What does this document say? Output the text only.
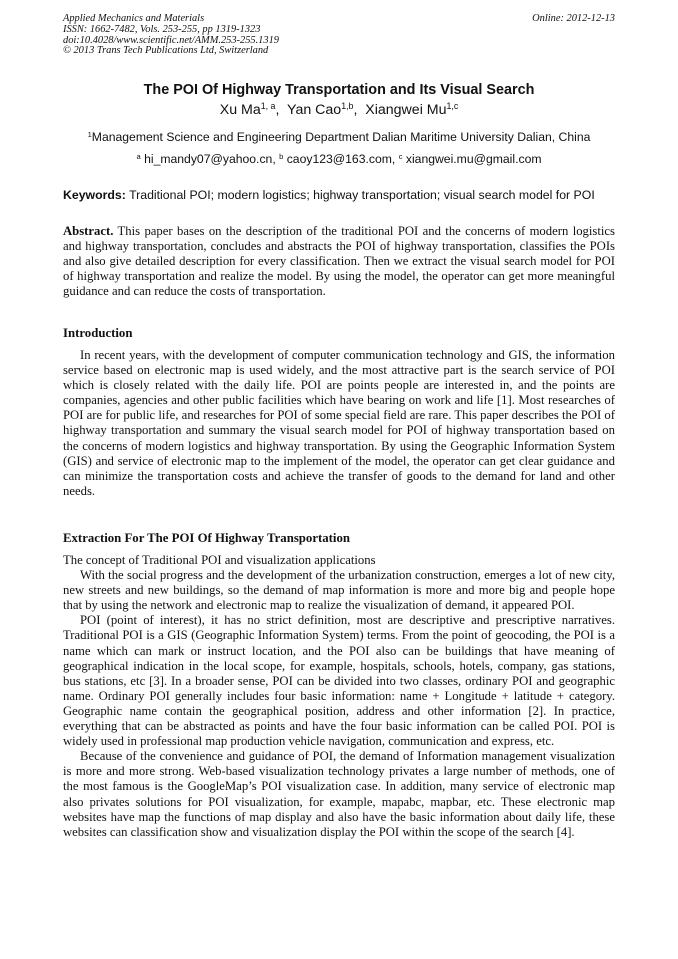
Applied Mechanics and Materials
ISSN: 1662-7482, Vols. 253-255, pp 1319-1323
doi:10.4028/www.scientific.net/AMM.253-255.1319
© 2013 Trans Tech Publications Ltd, Switzerland
Online: 2012-12-13
The POI Of Highway Transportation and Its Visual Search
Xu Ma$^{1, a}$,  Yan Cao$^{1,b}$,  Xiangwei Mu$^{1,c}$
$^1$Management Science and Engineering Department Dalian Maritime University Dalian, China
$^a$ hi_mandy07@yahoo.cn, $^b$ caoy123@163.com, $^c$ xiangwei.mu@gmail.com
Keywords: Traditional POI; modern logistics; highway transportation; visual search model for POI

Abstract. This paper bases on the description of the traditional POI and the concerns of modern logistics and highway transportation, concludes and abstracts the POI of highway transportation, classifies the POIs and also give detailed description for every classification. Then we extract the visual search model for POI of highway transportation and realize the model. By using the model, the operator can get more meaningful guidance and can reduce the costs of transportation.

Introduction

In recent years, with the development of computer communication technology and GIS, the information service based on electronic map is used widely, and the most attractive part is the search service of POI which is closely related with the daily life. POI are points people are interested in, and the points are companies, agencies and other public facilities which have bearing on work and life [1]. Most researches of POI are for public life, and researches for POI of some special field are rare. This paper describes the POI of highway transportation and summary the visual search model for POI of highway transportation based on the concerns of modern logistics and highway transportation. By using the Geographic Information System (GIS) and service of electronic map to the implement of the model, the operator can get clear guidance and can minimize the transportation costs and achieve the transfer of goods to the demand for land and other needs.

Extraction For The POI Of Highway Transportation

The concept of Traditional POI and visualization applications

With the social progress and the development of the urbanization construction, emerges a lot of new city, new streets and new buildings, so the demand of map information is more and more big and people hope that by using the network and electronic map to realize the visualization of demand, it appeared POI.

POI (point of interest), it has no strict definition, most are descriptive and prescriptive narratives. Traditional POI is a GIS (Geographic Information System) terms. From the point of geocoding, the POI is a name which can mark or instruct location, and the POI also can be buildings that have meaning of geographical indication in the local scope, for example, hospitals, schools, hotels, company, gas stations, bus stations, etc [3]. In a broader sense, POI can be divided into two classes, ordinary POI and geographic name. Ordinary POI generally includes four basic information: name + Longitude + latitude + category. Geographic name contain the geographical position, address and other information [2]. In practice, everything that can be abstracted as points and have the four basic information can be called POI. POI is widely used in professional map production vehicle navigation, communication and express, etc.

Because of the convenience and guidance of POI, the demand of Information management visualization is more and more strong. Web-based visualization technology privates a large number of methods, one of the most famous is the GoogleMap’s POI visualization case. In addition, many service of electronic map also privates solutions for POI visualization, for example, mapabc, mapbar, etc. These electronic map websites have map the functions of map display and also have the basic information about daily life, these websites can classification show and visualization display the POI within the scope of the search [4].
